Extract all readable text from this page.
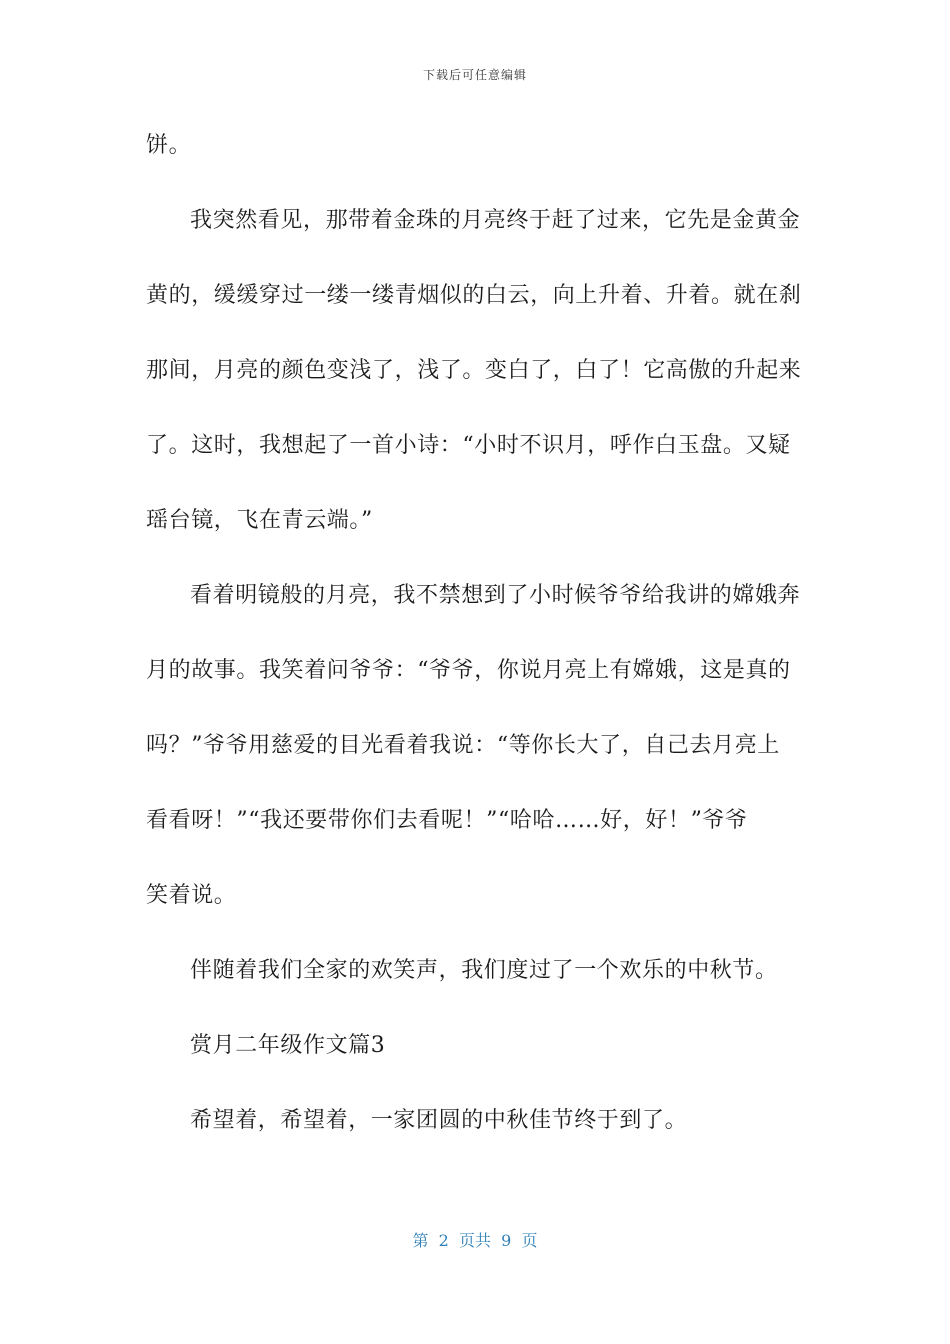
下载后可任意编辑
饼。
我突然看见，那带着金珠的月亮终于赶了过来，它先是金黄金
黄的，缓缓穿过一缕一缕青烟似的白云，向上升着、升着。就在刹
那间，月亮的颜色变浅了，浅了。变白了，白了！它高傲的升起来
了。这时，我想起了一首小诗：“小时不识月，呼作白玉盘。又疑
瑶台镜，飞在青云端。”
看着明镜般的月亮，我不禁想到了小时候爷爷给我讲的嫦娥奔
月的故事。我笑着问爷爷：“爷爷，你说月亮上有嫦娥，这是真的
吗？”爷爷用慈爱的目光看着我说：“等你长大了，自己去月亮上
看看呀！”“我还要带你们去看呢！”“哈哈……好，好！”爷爷
笑着说。
伴随着我们全家的欢笑声，我们度过了一个欢乐的中秋节。
赏月二年级作文篇3
希望着，希望着，一家团圆的中秋佳节终于到了。
第  2  页共  9  页
